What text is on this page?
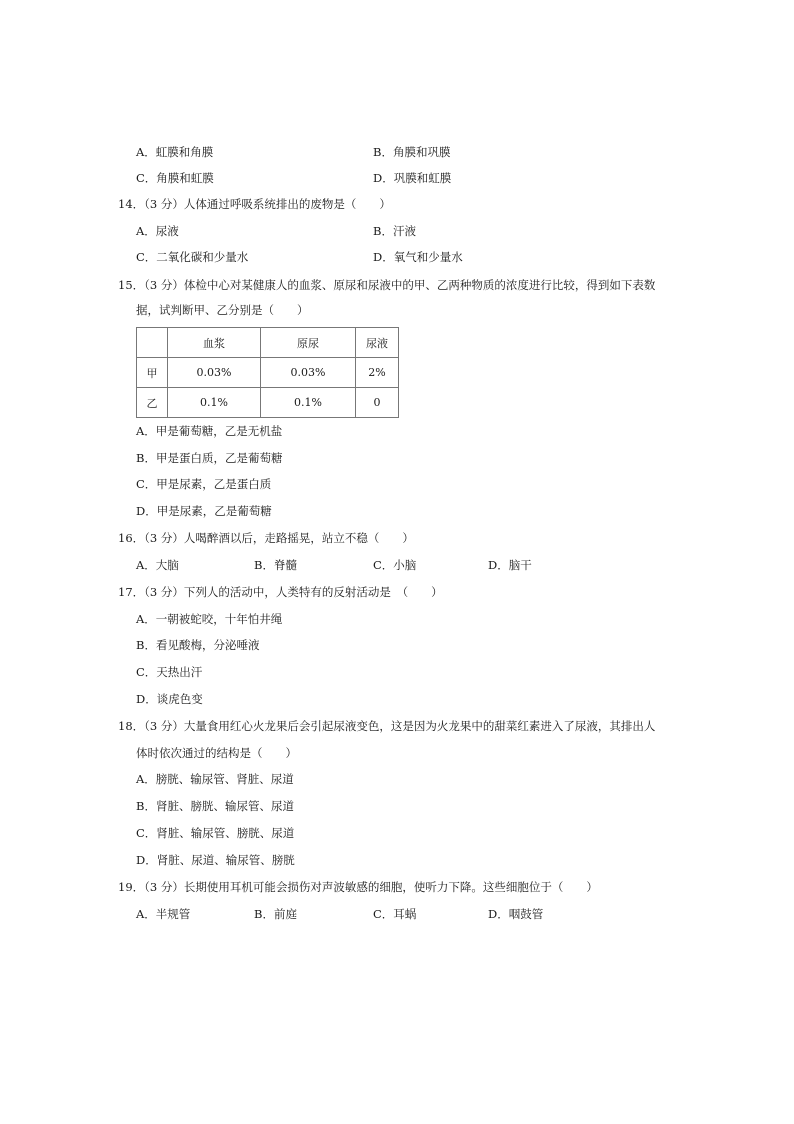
A．虹膜和角膜	B．角膜和巩膜
C．角膜和虹膜	D．巩膜和虹膜
14．（3 分）人体通过呼吸系统排出的废物是（　　）
A．尿液	B．汗液
C．二氧化碳和少量水	D．氧气和少量水
15．（3 分）体检中心对某健康人的血浆、原尿和尿液中的甲、乙两种物质的浓度进行比较，得到如下表数
据，试判断甲、乙分别是（　　）
	血浆	原尿	尿液
甲	0.03%	0.03%	2%
乙	0.1%	0.1%	0
A．甲是葡萄糖，乙是无机盐
B．甲是蛋白质，乙是葡萄糖
C．甲是尿素，乙是蛋白质
D．甲是尿素，乙是葡萄糖
16．（3 分）人喝醉酒以后，走路摇晃，站立不稳（　　）
A．大脑	B．脊髓	C．小脑	D．脑干
17．（3 分）下列人的活动中，人类特有的反射活动是　（　　）
A．一朝被蛇咬，十年怕井绳
B．看见酸梅，分泌唾液
C．天热出汗
D．谈虎色变
18．（3 分）大量食用红心火龙果后会引起尿液变色，这是因为火龙果中的甜菜红素进入了尿液，其排出人
体时依次通过的结构是（　　）
A．膀胱、输尿管、肾脏、尿道
B．肾脏、膀胱、输尿管、尿道
C．肾脏、输尿管、膀胱、尿道
D．肾脏、尿道、输尿管、膀胱
19．（3 分）长期使用耳机可能会损伤对声波敏感的细胞，使听力下降。这些细胞位于（　　）
A．半规管	B．前庭	C．耳蜗	D．咽鼓管
